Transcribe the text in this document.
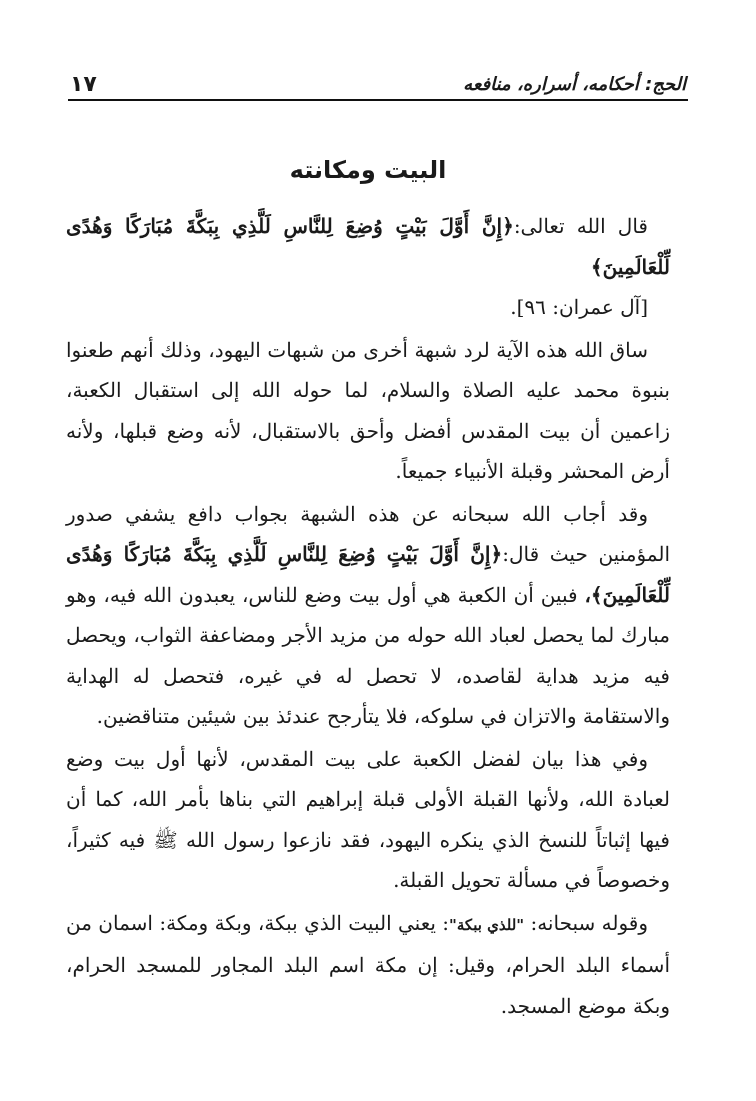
الحج: أحكامه، أسراره، منافعه
١٧
البيت ومكانته

قال الله تعالى:﴿إِنَّ أَوَّلَ بَيْتٍ وُضِعَ لِلنَّاسِ لَلَّذِي بِبَكَّةَ مُبَارَكًا وَهُدًى لِّلْعَالَمِينَ﴾
[آل عمران: ٩٦].

ساق الله هذه الآية لرد شبهة أخرى من شبهات اليهود، وذلك أنهم طعنوا بنبوة محمد عليه الصلاة والسلام، لما حوله الله إلى استقبال الكعبة، زاعمين أن بيت المقدس أفضل وأحق بالاستقبال، لأنه وضع قبلها، ولأنه أرض المحشر وقبلة الأنبياء جميعاً.

وقد أجاب الله سبحانه عن هذه الشبهة بجواب دافع يشفي صدور المؤمنين حيث قال:﴿إِنَّ أَوَّلَ بَيْتٍ وُضِعَ لِلنَّاسِ لَلَّذِي بِبَكَّةَ مُبَارَكًا وَهُدًى لِّلْعَالَمِينَ﴾، فبين أن الكعبة هي أول بيت وضع للناس، يعبدون الله فيه، وهو مبارك لما يحصل لعباد الله حوله من مزيد الأجر ومضاعفة الثواب، ويحصل فيه مزيد هداية لقاصده، لا تحصل له في غيره، فتحصل له الهداية والاستقامة والاتزان في سلوكه، فلا يتأرجح عندئذ بين شيئين متناقضين.

وفي هذا بيان لفضل الكعبة على بيت المقدس، لأنها أول بيت وضع لعبادة الله، ولأنها القبلة الأولى قبلة إبراهيم التي بناها بأمر الله، كما أن فيها إثباتاً للنسخ الذي ينكره اليهود، فقد نازعوا رسول الله ﷺ فيه كثيراً، وخصوصاً في مسألة تحويل القبلة.

وقوله سبحانه: "للذي ببكة": يعني البيت الذي ببكة، وبكة ومكة: اسمان من أسماء البلد الحرام، وقيل: إن مكة اسم البلد المجاور للمسجد الحرام، وبكة موضع المسجد.
